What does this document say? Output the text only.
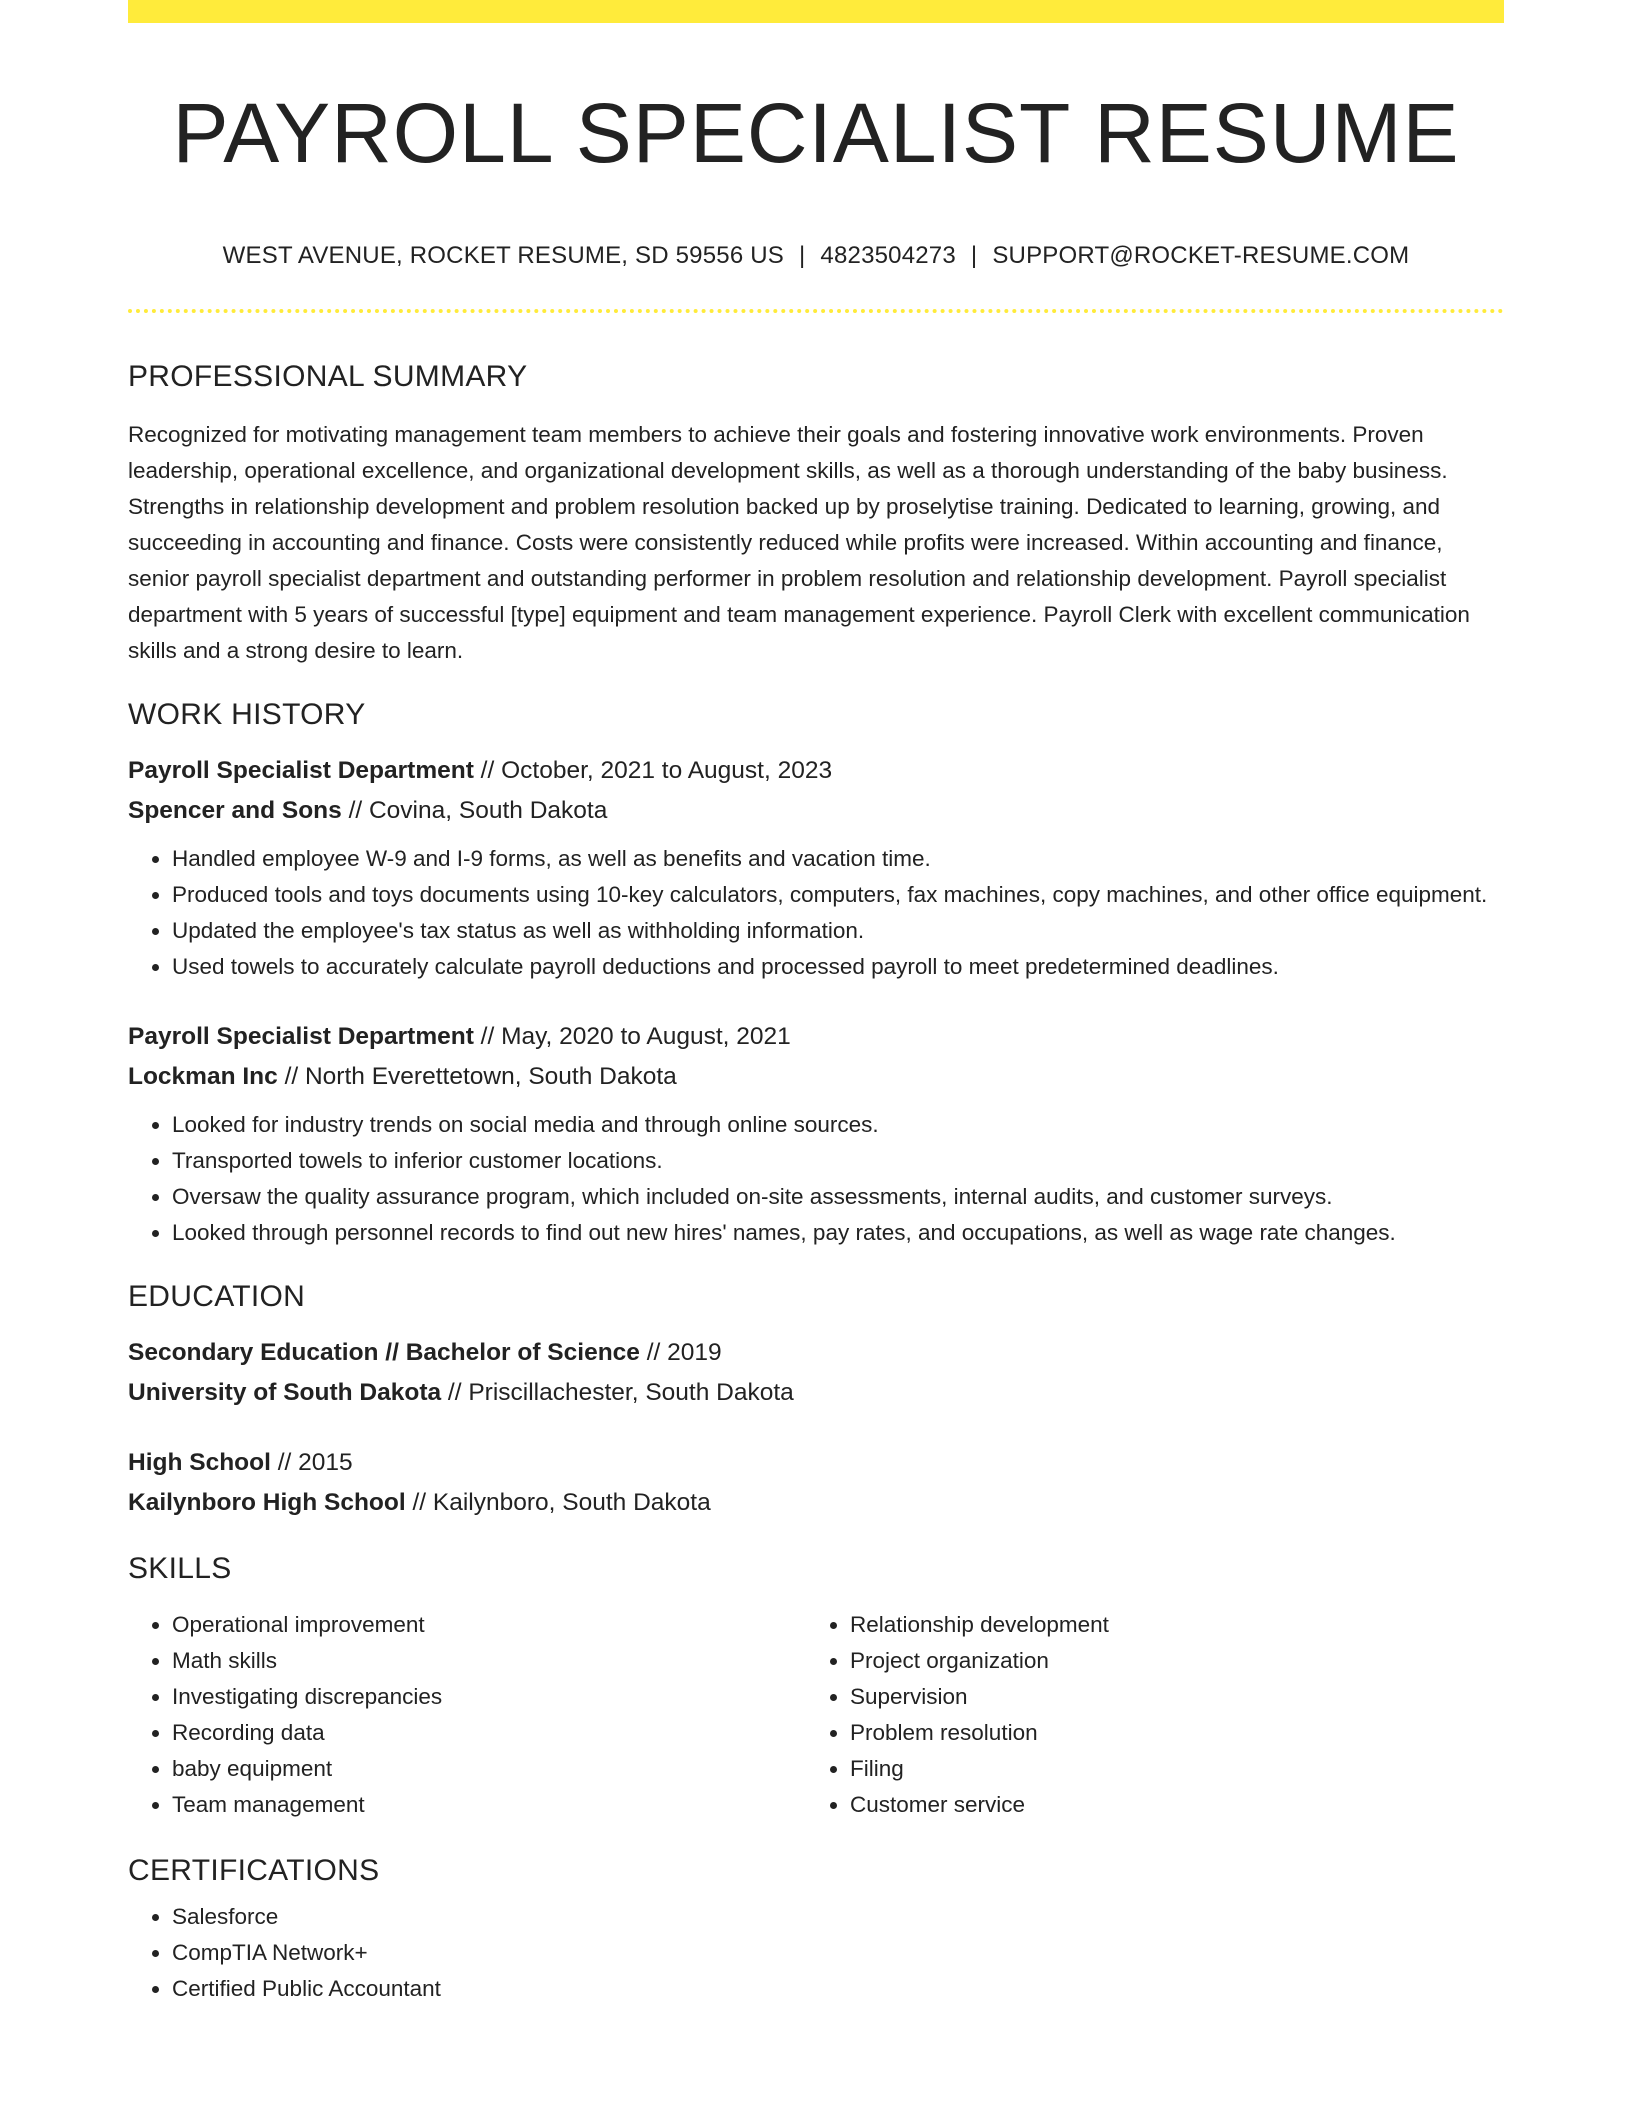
PAYROLL SPECIALIST RESUME
WEST AVENUE, ROCKET RESUME, SD 59556 US | 4823504273 | SUPPORT@ROCKET-RESUME.COM
PROFESSIONAL SUMMARY
Recognized for motivating management team members to achieve their goals and fostering innovative work environments. Proven leadership, operational excellence, and organizational development skills, as well as a thorough understanding of the baby business. Strengths in relationship development and problem resolution backed up by proselytise training. Dedicated to learning, growing, and succeeding in accounting and finance. Costs were consistently reduced while profits were increased. Within accounting and finance, senior payroll specialist department and outstanding performer in problem resolution and relationship development. Payroll specialist department with 5 years of successful [type] equipment and team management experience. Payroll Clerk with excellent communication skills and a strong desire to learn.
WORK HISTORY
Payroll Specialist Department // October, 2021 to August, 2023
Spencer and Sons // Covina, South Dakota
• Handled employee W-9 and I-9 forms, as well as benefits and vacation time.
• Produced tools and toys documents using 10-key calculators, computers, fax machines, copy machines, and other office equipment.
• Updated the employee's tax status as well as withholding information.
• Used towels to accurately calculate payroll deductions and processed payroll to meet predetermined deadlines.
Payroll Specialist Department // May, 2020 to August, 2021
Lockman Inc // North Everettetown, South Dakota
• Looked for industry trends on social media and through online sources.
• Transported towels to inferior customer locations.
• Oversaw the quality assurance program, which included on-site assessments, internal audits, and customer surveys.
• Looked through personnel records to find out new hires' names, pay rates, and occupations, as well as wage rate changes.
EDUCATION
Secondary Education // Bachelor of Science // 2019
University of South Dakota // Priscillachester, South Dakota
High School // 2015
Kailynboro High School // Kailynboro, South Dakota
SKILLS
• Operational improvement
• Math skills
• Investigating discrepancies
• Recording data
• baby equipment
• Team management
• Relationship development
• Project organization
• Supervision
• Problem resolution
• Filing
• Customer service
CERTIFICATIONS
• Salesforce
• CompTIA Network+
• Certified Public Accountant
